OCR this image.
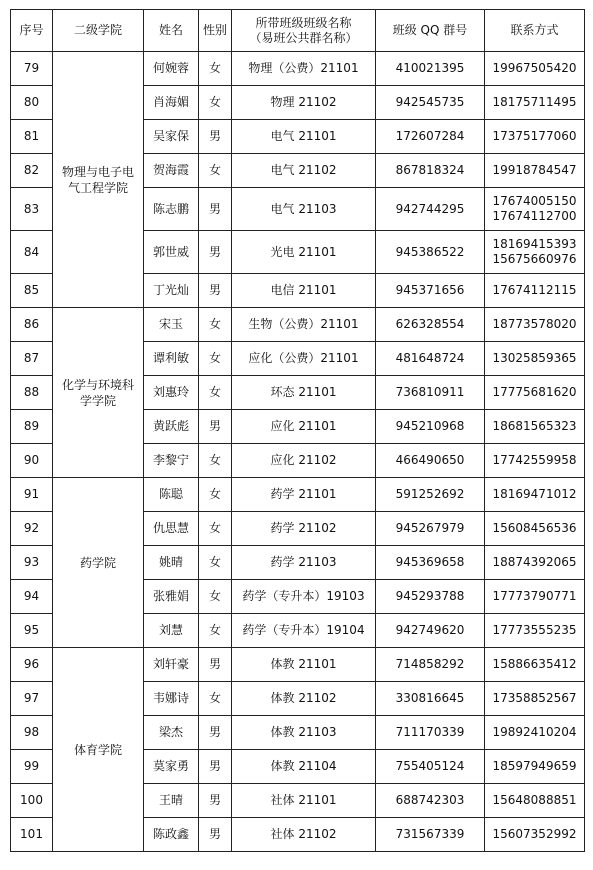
序号	二级学院	姓名	性别	所带班级班级名称
（易班公共群名称）	班级 QQ 群号	联系方式
79	物理与电子电气工程学院	何婉蓉	女	物理（公费）21101	410021395	19967505420

80		肖海媚	女	物理 21102	942545735	18175711495

81		吴家保	男	电气 21101	172607284	17375177060

82		贺海霞	女	电气 21102	867818324	19918784547

83		陈志鹏	男	电气 21103	942744295	17674005150
17674112700

84		郭世威	男	光电 21101	945386522	18169415393
15675660976

85		丁光灿	男	电信 21101	945371656	17674112115

86	化学与环境科学学院	宋玉	女	生物（公费）21101	626328554	18773578020

87		谭利敏	女	应化（公费）21101	481648724	13025859365

88		刘惠玲	女	环态 21101	736810911	17775681620

89		黄跃彪	男	应化 21101	945210968	18681565323

90		李黎宁	女	应化 21102	466490650	17742559958

91	药学院	陈聪	女	药学 21101	591252692	18169471012

92		仇思慧	女	药学 21102	945267979	15608456536

93		姚晴	女	药学 21103	945369658	18874392065

94		张雅娟	女	药学（专升本）19103	945293788	17773790771

95		刘慧	女	药学（专升本）19104	942749620	17773555235

96	体育学院	刘轩豪	男	体教 21101	714858292	15886635412

97		韦娜诗	女	体教 21102	330816645	17358852567

98		梁杰	男	体教 21103	711170339	19892410204

99		莫家勇	男	体教 21104	755405124	18597949659

100		王晴	男	社体 21101	688742303	15648088851

101		陈政鑫	男	社体 21102	731567339	15607352992
